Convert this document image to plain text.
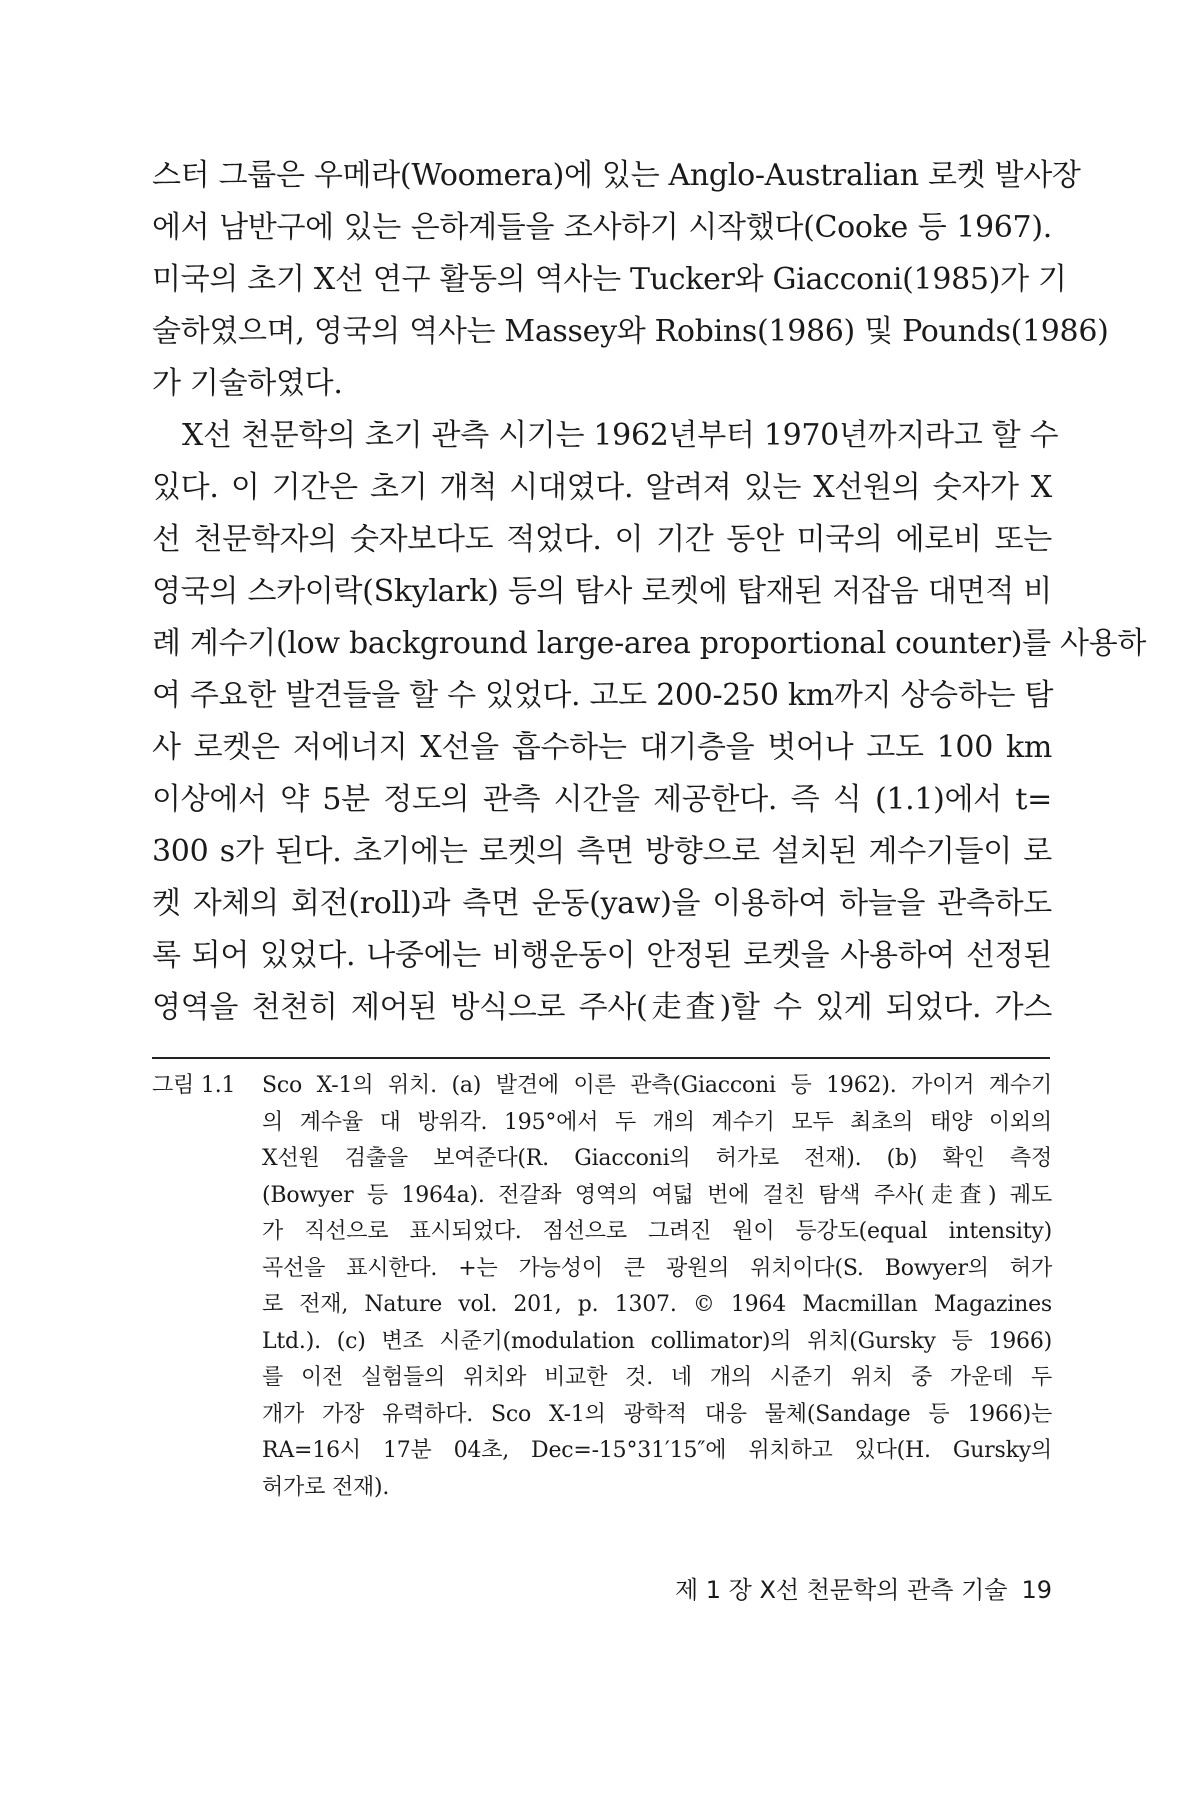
스터 그룹은 우메라(Woomera)에 있는 Anglo-Australian 로켓 발사장
에서 남반구에 있는 은하계들을 조사하기 시작했다(Cooke 등 1967).
미국의 초기 X선 연구 활동의 역사는 Tucker와 Giacconi(1985)가 기
술하였으며, 영국의 역사는 Massey와 Robins(1986) 및 Pounds(1986)
가 기술하였다.
X선 천문학의 초기 관측 시기는 1962년부터 1970년까지라고 할 수
있다. 이 기간은 초기 개척 시대였다. 알려져 있는 X선원의 숫자가 X
선 천문학자의 숫자보다도 적었다. 이 기간 동안 미국의 에로비 또는
영국의 스카이락(Skylark) 등의 탐사 로켓에 탑재된 저잡음 대면적 비
례 계수기(low background large-area proportional counter)를 사용하
여 주요한 발견들을 할 수 있었다. 고도 200-250 km까지 상승하는 탐
사 로켓은 저에너지 X선을 흡수하는 대기층을 벗어나 고도 100 km
이상에서 약 5분 정도의 관측 시간을 제공한다. 즉 식 (1.1)에서 t=
300 s가 된다. 초기에는 로켓의 측면 방향으로 설치된 계수기들이 로
켓 자체의 회전(roll)과 측면 운동(yaw)을 이용하여 하늘을 관측하도
록 되어 있었다. 나중에는 비행운동이 안정된 로켓을 사용하여 선정된
영역을 천천히 제어된 방식으로 주사(走査)할 수 있게 되었다. 가스
그림 1.1	Sco X-1의 위치. (a) 발견에 이른 관측(Giacconi 등 1962). 가이거 계수기
의 계수율 대 방위각. 195°에서 두 개의 계수기 모두 최초의 태양 이외의
X선원 검출을 보여준다(R. Giacconi의 허가로 전재). (b) 확인 측정
(Bowyer 등 1964a). 전갈좌 영역의 여덟 번에 걸친 탐색 주사(走査) 궤도
가 직선으로 표시되었다. 점선으로 그려진 원이 등강도(equal intensity)
곡선을 표시한다. +는 가능성이 큰 광원의 위치이다(S. Bowyer의 허가
로 전재, Nature vol. 201, p. 1307. © 1964 Macmillan Magazines
Ltd.). (c) 변조 시준기(modulation collimator)의 위치(Gursky 등 1966)
를 이전 실험들의 위치와 비교한 것. 네 개의 시준기 위치 중 가운데 두
개가 가장 유력하다. Sco X-1의 광학적 대응 물체(Sandage 등 1966)는
RA=16시 17분 04초, Dec=-15°31′15″에 위치하고 있다(H. Gursky의
허가로 전재).
제 1 장 X선 천문학의 관측 기술 19
